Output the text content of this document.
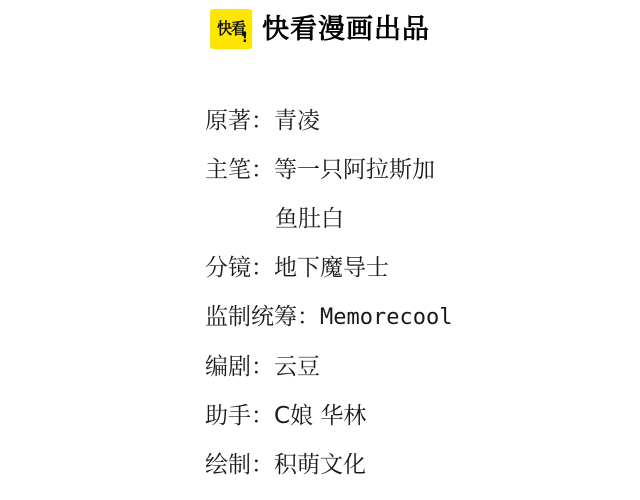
快看
! 快看漫画出品
原著：青凌
主笔：等一只阿拉斯加
鱼肚白
分镜：地下魔导士
监制统筹：Memorecool
编剧：云豆
助手：C娘 华林
绘制：积萌文化
